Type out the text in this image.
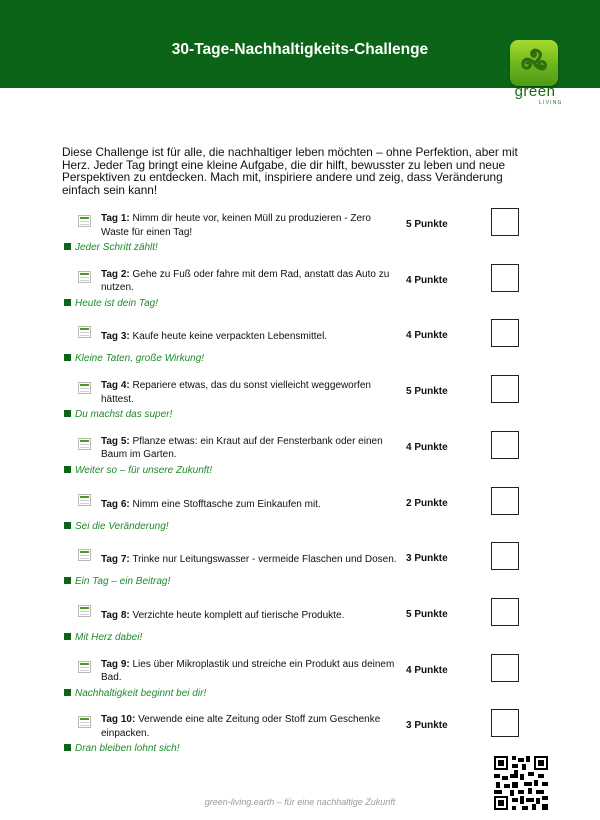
30-Tage-Nachhaltigkeits-Challenge
green
LIVING
Diese Challenge ist für alle, die nachhaltiger leben möchten – ohne Perfektion, aber mit Herz. Jeder Tag bringt eine kleine Aufgabe, die dir hilft, bewusster zu leben und neue Perspektiven zu entdecken. Mach mit, inspiriere andere und zeig, dass Veränderung einfach sein kann!
Tag 1: Nimm dir heute vor, keinen Müll zu produzieren - Zero Waste für einen Tag!
5 Punkte
Jeder Schritt zählt!
Tag 2: Gehe zu Fuß oder fahre mit dem Rad, anstatt das Auto zu nutzen.
4 Punkte
Heute ist dein Tag!
Tag 3: Kaufe heute keine verpackten Lebensmittel.	4 Punkte
Kleine Taten, große Wirkung!
Tag 4: Repariere etwas, das du sonst vielleicht weggeworfen hättest.
5 Punkte
Du machst das super!
Tag 5: Pflanze etwas: ein Kraut auf der Fensterbank oder einen Baum im Garten.
4 Punkte
Weiter so – für unsere Zukunft!
Tag 6: Nimm eine Stofftasche zum Einkaufen mit.	2 Punkte
Sei die Veränderung!
Tag 7: Trinke nur Leitungswasser - vermeide Flaschen und Dosen. 3 Punkte
Ein Tag – ein Beitrag!
Tag 8: Verzichte heute komplett auf tierische Produkte.	5 Punkte
Mit Herz dabei!
Tag 9: Lies über Mikroplastik und streiche ein Produkt aus deinem Bad.
4 Punkte
Nachhaltigkeit beginnt bei dir!
Tag 10: Verwende eine alte Zeitung oder Stoff zum Geschenke einpacken.
3 Punkte
Dran bleiben lohnt sich!
green-living.earth – für eine nachhaltige Zukunft
